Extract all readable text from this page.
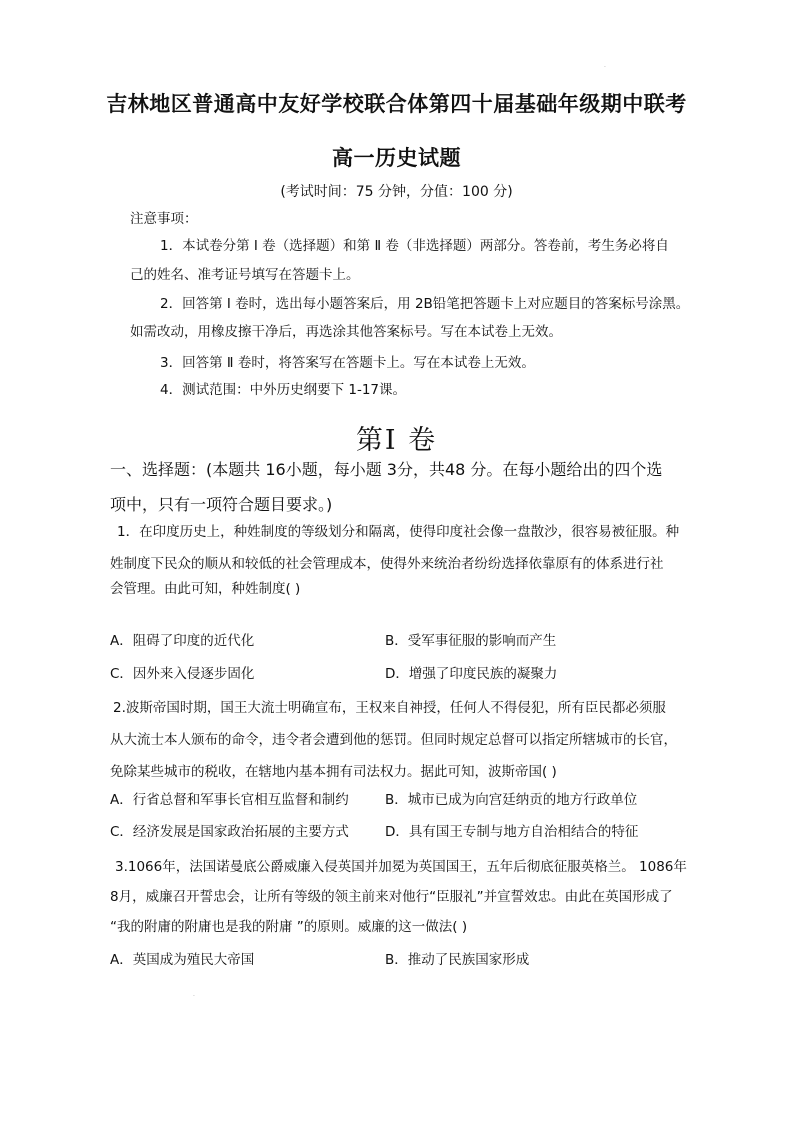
.
吉林地区普通高中友好学校联合体第四十届基础年级期中联考
高一历史试题
(考试时间：75 分钟，分值：100 分)
注意事项：
1．本试卷分第 Ⅰ 卷（选择题）和第 Ⅱ 卷（非选择题）两部分。答卷前，考生务必将自
己的姓名、准考证号填写在答题卡上。
2．回答第 Ⅰ 卷时，选出每小题答案后，用 2B铅笔把答题卡上对应题目的答案标号涂黑。
如需改动，用橡皮擦干净后，再选涂其他答案标号。写在本试卷上无效。
3．回答第 Ⅱ 卷时，将答案写在答题卡上。写在本试卷上无效。
4．测试范围：中外历史纲要下 1-17课。
第Ⅰ 卷
一、选择题：(本题共 16小题，每小题 3分，共48 分。在每小题给出的四个选
项中，只有一项符合题目要求。)
1．在印度历史上，种姓制度的等级划分和隔离，使得印度社会像一盘散沙，很容易被征服。种
姓制度下民众的顺从和较低的社会管理成本，使得外来统治者纷纷选择依靠原有的体系进行社
会管理。由此可知，种姓制度( )
A．阻碍了印度的近代化	B．受军事征服的影响而产生
C．因外来入侵逐步固化	D．增强了印度民族的凝聚力
2.波斯帝国时期，国王大流士明确宣布，王权来自神授，任何人不得侵犯，所有臣民都必须服
从大流士本人颁布的命令，违令者会遭到他的惩罚。但同时规定总督可以指定所辖城市的长官，
免除某些城市的税收，在辖地内基本拥有司法权力。据此可知，波斯帝国( )
A．行省总督和军事长官相互监督和制约	B．城市已成为向宫廷纳贡的地方行政单位
C．经济发展是国家政治拓展的主要方式	D．具有国王专制与地方自治相结合的特征
3.1066年，法国诺曼底公爵威廉入侵英国并加冕为英国国王，五年后彻底征服英格兰。 1086年
8月，威廉召开誓忠会，让所有等级的领主前来对他行“臣服礼”并宣誓效忠。由此在英国形成了
“我的附庸的附庸也是我的附庸 ”的原则。威廉的这一做法( )
A．英国成为殖民大帝国	B．推动了民族国家形成
.
